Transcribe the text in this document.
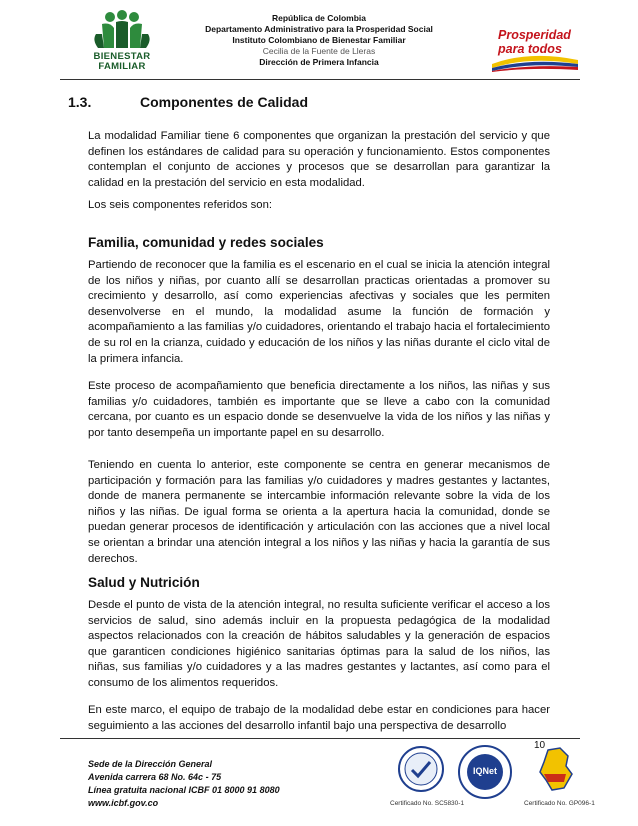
BIENESTAR
FAMILIAR
República de Colombia
Departamento Administrativo para la Prosperidad Social
Instituto Colombiano de Bienestar Familiar
Cecilia de la Fuente de Lleras
Dirección de Primera Infancia
Prosperidad
para todos
1.3.	Componentes de Calidad
La modalidad Familiar tiene 6 componentes que organizan la prestación del servicio y que definen los estándares de calidad para su operación y funcionamiento. Estos componentes contemplan el conjunto de acciones y procesos que se desarrollan para garantizar la calidad en la prestación del servicio en esta modalidad.
Los seis componentes referidos son:
Familia, comunidad y redes sociales
Partiendo de reconocer que la familia es el escenario en el cual se inicia la atención integral de los niños y niñas, por cuanto allí se desarrollan practicas orientadas a promover su crecimiento y desarrollo, así como experiencias afectivas y sociales que les permiten desenvolverse en el mundo, la modalidad asume la función de formación y acompañamiento a las familias y/o cuidadores, orientando el trabajo hacia el fortalecimiento de su rol en la crianza, cuidado y educación de los niños y las niñas durante el ciclo vital de la primera infancia.
Este proceso de acompañamiento que beneficia directamente a los niños, las niñas y sus familias y/o cuidadores, también es importante que se lleve a cabo con la comunidad cercana, por cuanto es un espacio donde se desenvuelve la vida de los niños y las niñas y por tanto desempeña un importante papel en su desarrollo.
Teniendo en cuenta lo anterior, este componente se centra en generar mecanismos de participación y formación para las familias y/o cuidadores y madres gestantes y lactantes, donde de manera permanente se intercambie información relevante sobre la vida de los niños y las niñas. De igual forma se orienta a la apertura hacia la comunidad, donde se puedan generar procesos de identificación y articulación con las acciones que a nivel local se orientan a brindar una atención integral a los niños y las niñas y hacia la garantía de sus derechos.
Salud y Nutrición
Desde el punto de vista de la atención integral, no resulta suficiente verificar el acceso a los servicios de salud, sino además incluir en la propuesta pedagógica de la modalidad aspectos relacionados con la creación de hábitos saludables y la generación de espacios que garanticen condiciones higiénico sanitarias óptimas para la salud de los niños, las niñas, sus familias y/o cuidadores y a las madres gestantes y lactantes, así como para el consumo de los alimentos requeridos.
En este marco, el equipo de trabajo de la modalidad debe estar en condiciones para hacer seguimiento a las acciones del desarrollo infantil bajo una perspectiva de desarrollo
10
Sede de la Dirección General
Avenida carrera 68 No. 64c - 75
Línea gratuita nacional ICBF 01 8000 91 8080
www.icbf.gov.co	Certificado No. SC5830-1
IQNet
Certificado No. GP096-1
